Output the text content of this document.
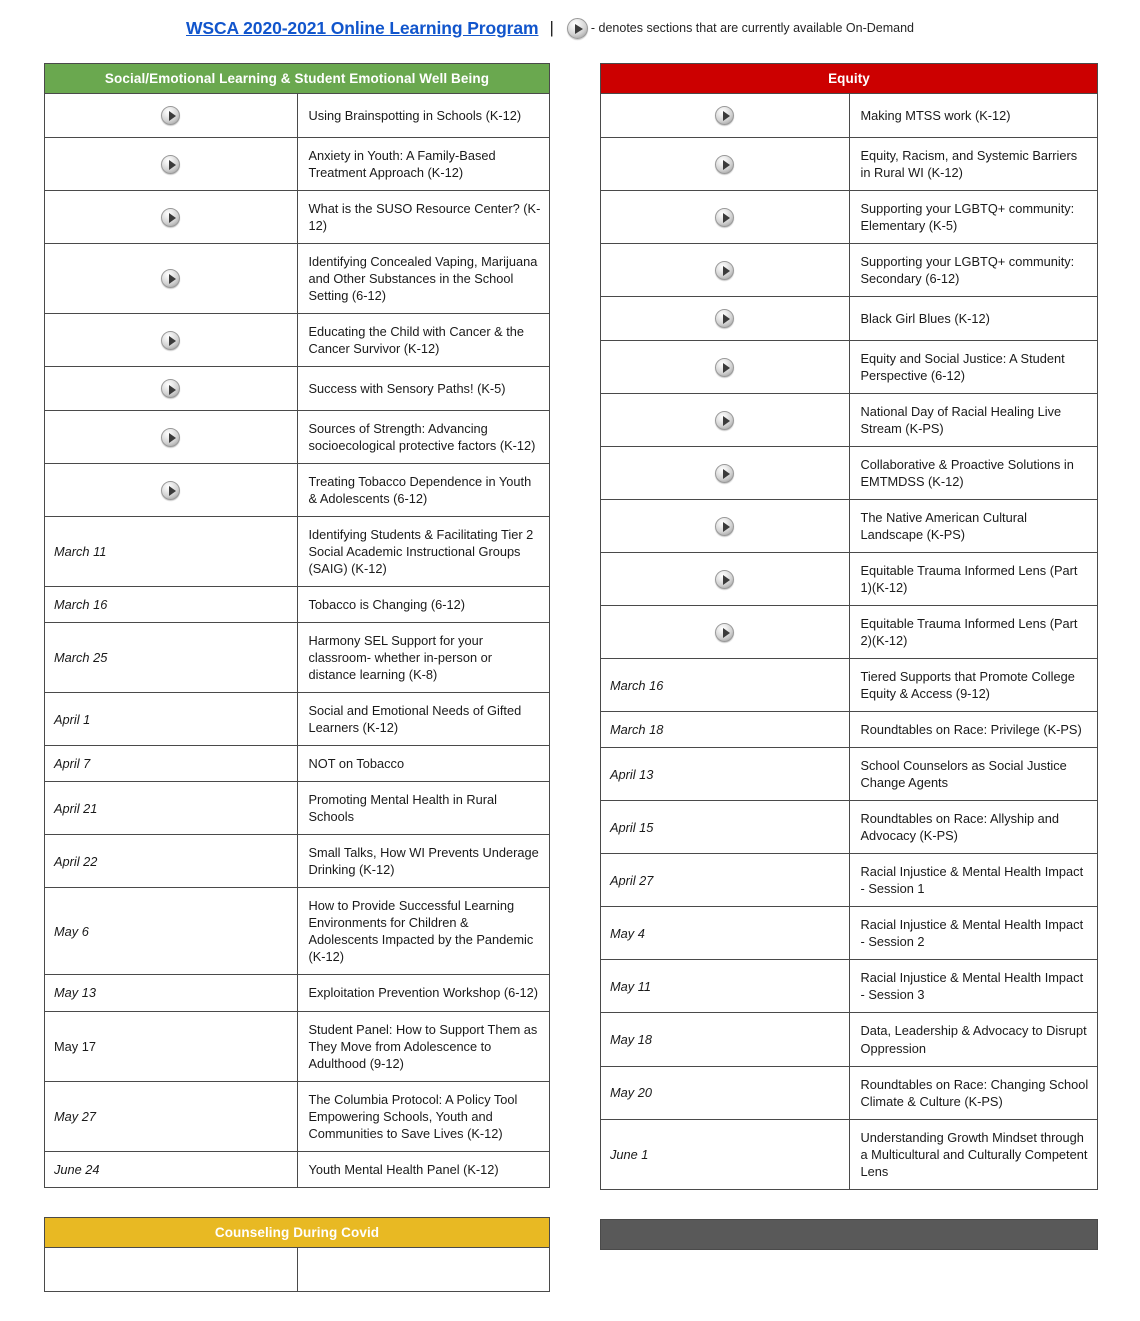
WSCA 2020-2021 Online Learning Program |	- denotes sections that are currently available On-Demand
Social/Emotional Learning & Student Emotional Well Being	
	Using Brainspotting in Schools (K-12)
	Anxiety in Youth: A Family-Based Treatment Approach (K-12)
	What is the SUSO Resource Center? (K-12)
	Identifying Concealed Vaping, Marijuana and Other Substances in the School Setting (6-12)
	Educating the Child with Cancer & the Cancer Survivor (K-12)
	Success with Sensory Paths! (K-5)
	Sources of Strength: Advancing socioecological protective factors (K-12)
	Treating Tobacco Dependence in Youth & Adolescents (6-12)
March 11	Identifying Students & Facilitating Tier 2 Social Academic Instructional Groups (SAIG) (K-12)
March 16	Tobacco is Changing (6-12)
March 25	Harmony SEL Support for your classroom- whether in-person or distance learning (K-8)
April 1	Social and Emotional Needs of Gifted Learners (K-12)
April 7	NOT on Tobacco
April 21	Promoting Mental Health in Rural Schools
April 22	Small Talks, How WI Prevents Underage Drinking (K-12)
May 6	How to Provide Successful Learning Environments for Children & Adolescents Impacted by the Pandemic (K-12)
May 13	Exploitation Prevention Workshop (6-12)
May 17	Student Panel: How to Support Them as They Move from Adolescence to Adulthood (9-12)
May 27	The Columbia Protocol: A Policy Tool Empowering Schools, Youth and Communities to Save Lives (K-12)
June 24	Youth Mental Health Panel (K-12)
Counseling During Covid

Equity	
	Making MTSS work (K-12)
	Equity, Racism, and Systemic Barriers in Rural WI (K-12)
	Supporting your LGBTQ+ community: Elementary (K-5)
	Supporting your LGBTQ+ community: Secondary (6-12)
	Black Girl Blues (K-12)
	Equity and Social Justice: A Student Perspective (6-12)
	National Day of Racial Healing Live Stream (K-PS)
	Collaborative & Proactive Solutions in EMTMDSS (K-12)
	The Native American Cultural Landscape (K-PS)
	Equitable Trauma Informed Lens (Part 1)(K-12)
	Equitable Trauma Informed Lens (Part 2)(K-12)
March 16	Tiered Supports that Promote College Equity & Access (9-12)
March 18	Roundtables on Race: Privilege (K-PS)
April 13	School Counselors as Social Justice Change Agents
April 15	Roundtables on Race: Allyship and Advocacy (K-PS)
April 27	Racial Injustice & Mental Health Impact - Session 1
May 4	Racial Injustice & Mental Health Impact - Session 2
May 11	Racial Injustice & Mental Health Impact - Session 3
May 18	Data, Leadership & Advocacy to Disrupt Oppression
May 20	Roundtables on Race: Changing School Climate & Culture (K-PS)
June 1	Understanding Growth Mindset through a Multicultural and Culturally Competent Lens
